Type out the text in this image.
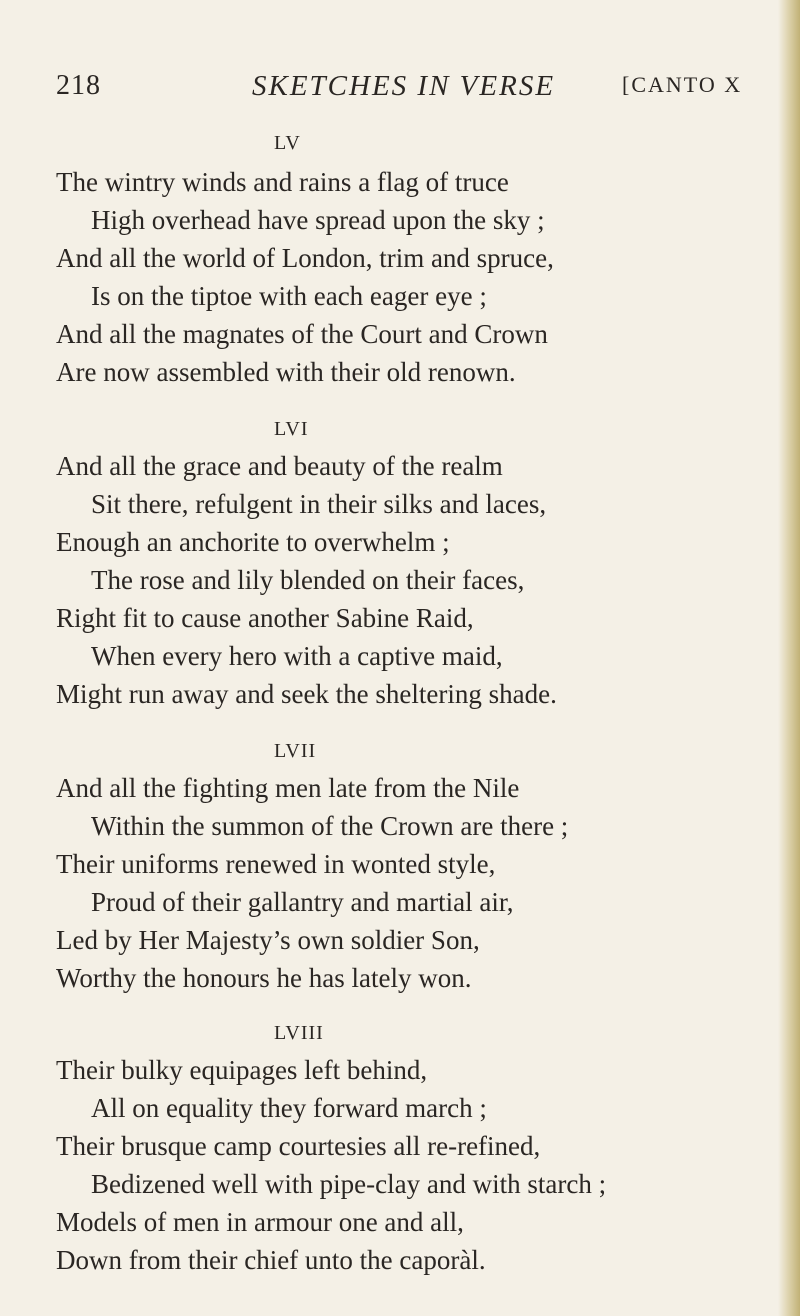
218	SKETCHES IN VERSE	[CANTO X
LV
The wintry winds and rains a flag of truce
High overhead have spread upon the sky ;
And all the world of London, trim and spruce,
Is on the tiptoe with each eager eye ;
And all the magnates of the Court and Crown
Are now assembled with their old renown.
LVI
And all the grace and beauty of the realm
Sit there, refulgent in their silks and laces,
Enough an anchorite to overwhelm ;
The rose and lily blended on their faces,
Right fit to cause another Sabine Raid,
When every hero with a captive maid,
Might run away and seek the sheltering shade.
LVII
And all the fighting men late from the Nile
Within the summon of the Crown are there ;
Their uniforms renewed in wonted style,
Proud of their gallantry and martial air,
Led by Her Majesty’s own soldier Son,
Worthy the honours he has lately won.
LVIII
Their bulky equipages left behind,
All on equality they forward march ;
Their brusque camp courtesies all re-refined,
Bedizened well with pipe-clay and with starch ;
Models of men in armour one and all,
Down from their chief unto the caporàl.
